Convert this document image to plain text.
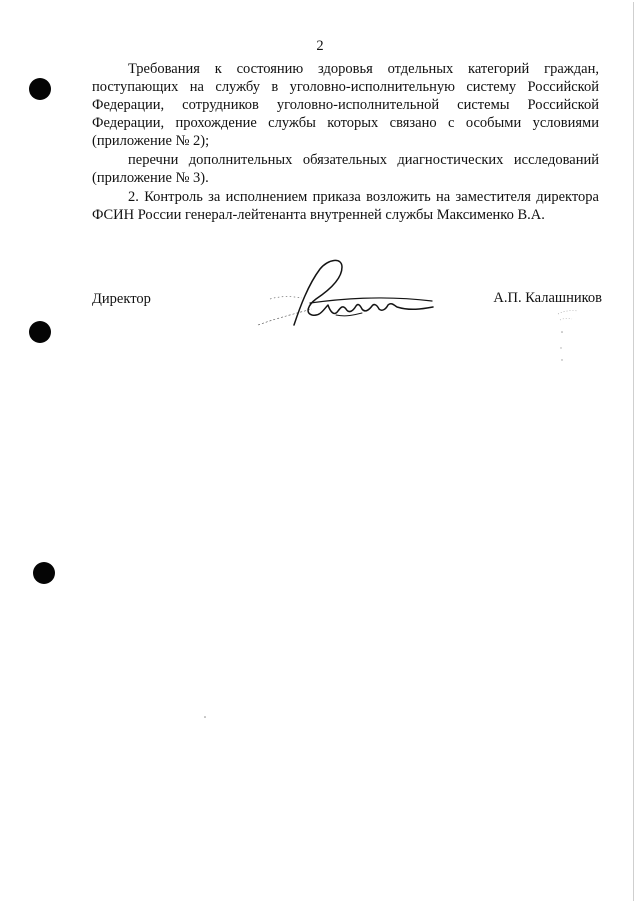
2

Требования к состоянию здоровья отдельных категорий граждан, поступающих на службу в уголовно-исполнительную систему Российской Федерации, сотрудников уголовно-исполнительной системы Российской Федерации, прохождение службы которых связано с особыми условиями (приложение № 2);

перечни дополнительных обязательных диагностических исследований (приложение № 3).

2. Контроль за исполнением приказа возложить на заместителя директора ФСИН России генерал-лейтенанта внутренней службы Максименко В.А.

Директор	А.П. Калашников
